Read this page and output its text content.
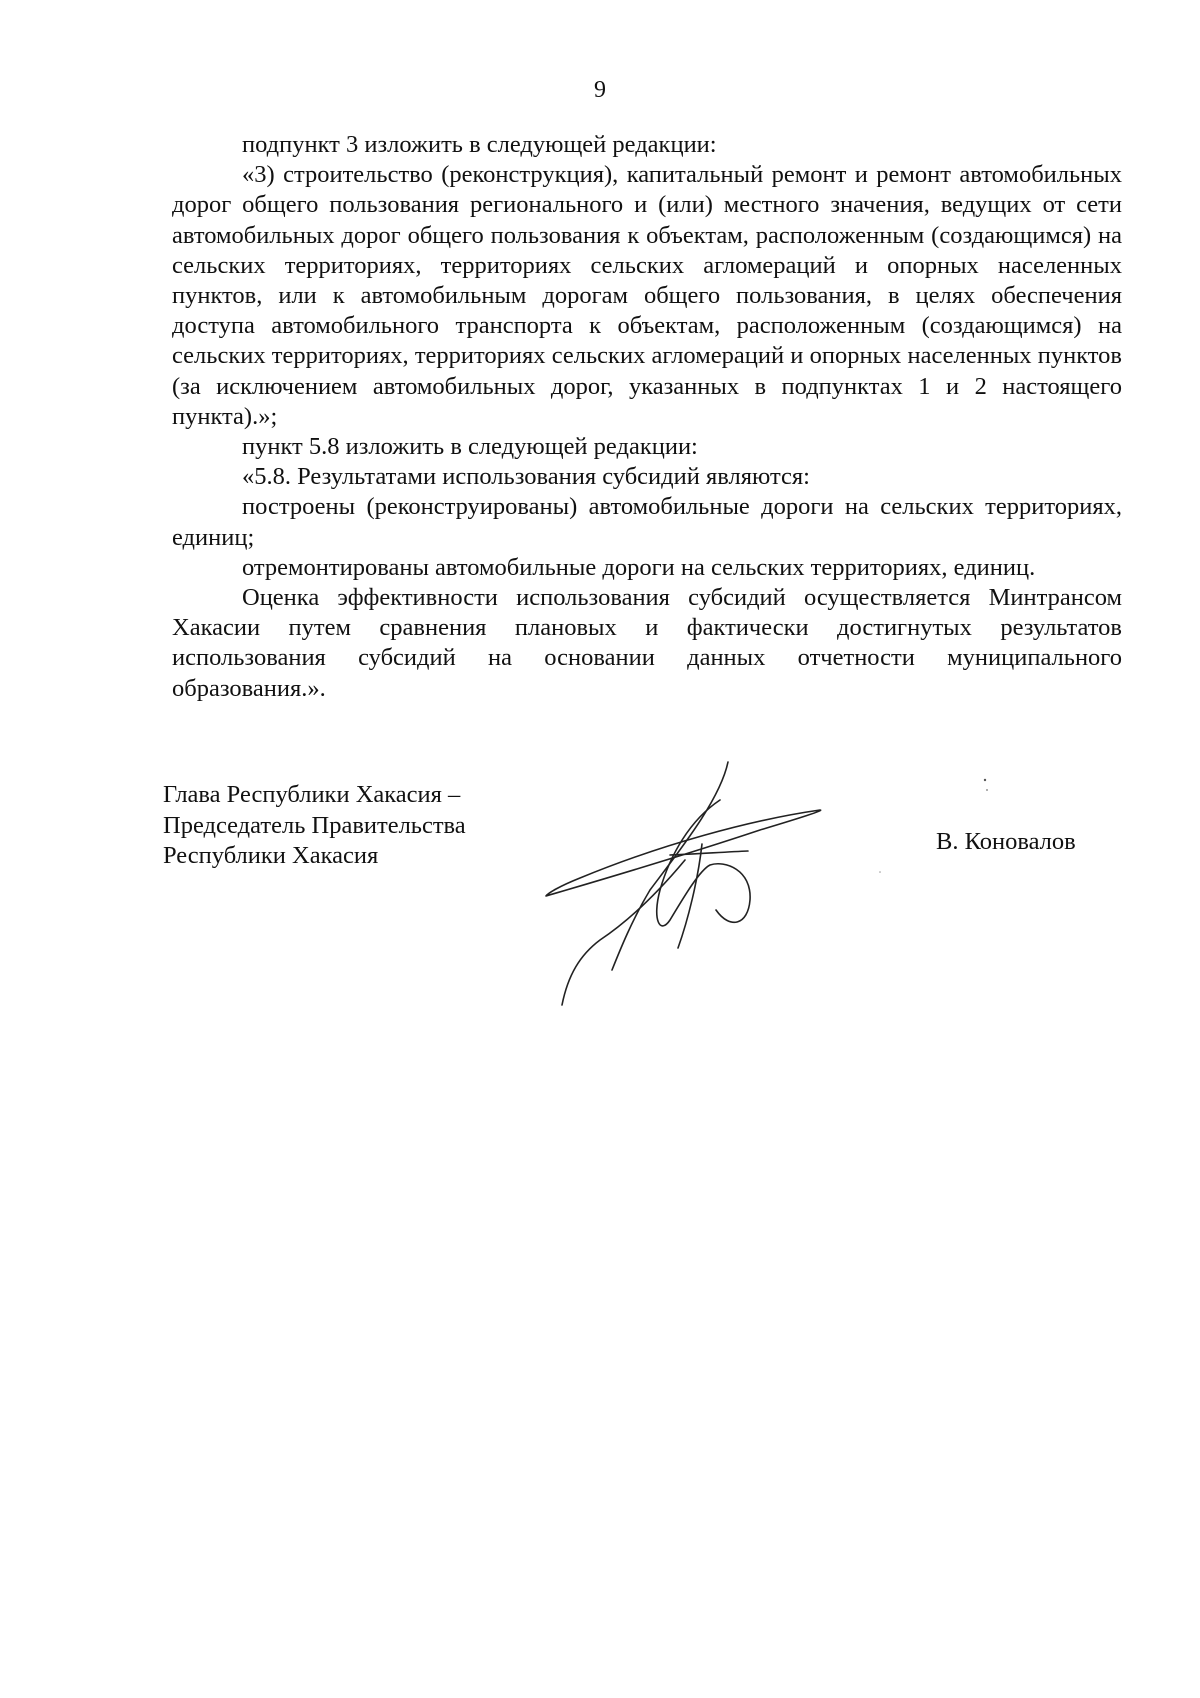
9

подпункт 3 изложить в следующей редакции:

«3) строительство (реконструкция), капитальный ремонт и ремонт автомобильных дорог общего пользования регионального и (или) местного значения, ведущих от сети автомобильных дорог общего пользования к объектам, расположенным (создающимся) на сельских территориях, территориях сельских агломераций и опорных населенных пунктов, или к автомобильным дорогам общего пользования, в целях обеспечения доступа автомобильного транспорта к объектам, расположенным (создающимся) на сельских территориях, территориях сельских агломераций и опорных населенных пунктов (за исключением автомобильных дорог, указанных в подпунктах 1 и 2 настоящего пункта).»;

пункт 5.8 изложить в следующей редакции:

«5.8. Результатами использования субсидий являются:

построены (реконструированы) автомобильные дороги на сельских территориях, единиц;

отремонтированы автомобильные дороги на сельских территориях, единиц.

Оценка эффективности использования субсидий осуществляется Минтрансом Хакасии путем сравнения плановых и фактически достигнутых результатов использования субсидий на основании данных отчетности муниципального образования.».

Глава Республики Хакасия –
Председатель Правительства
Республики Хакасия
В. Коновалов
